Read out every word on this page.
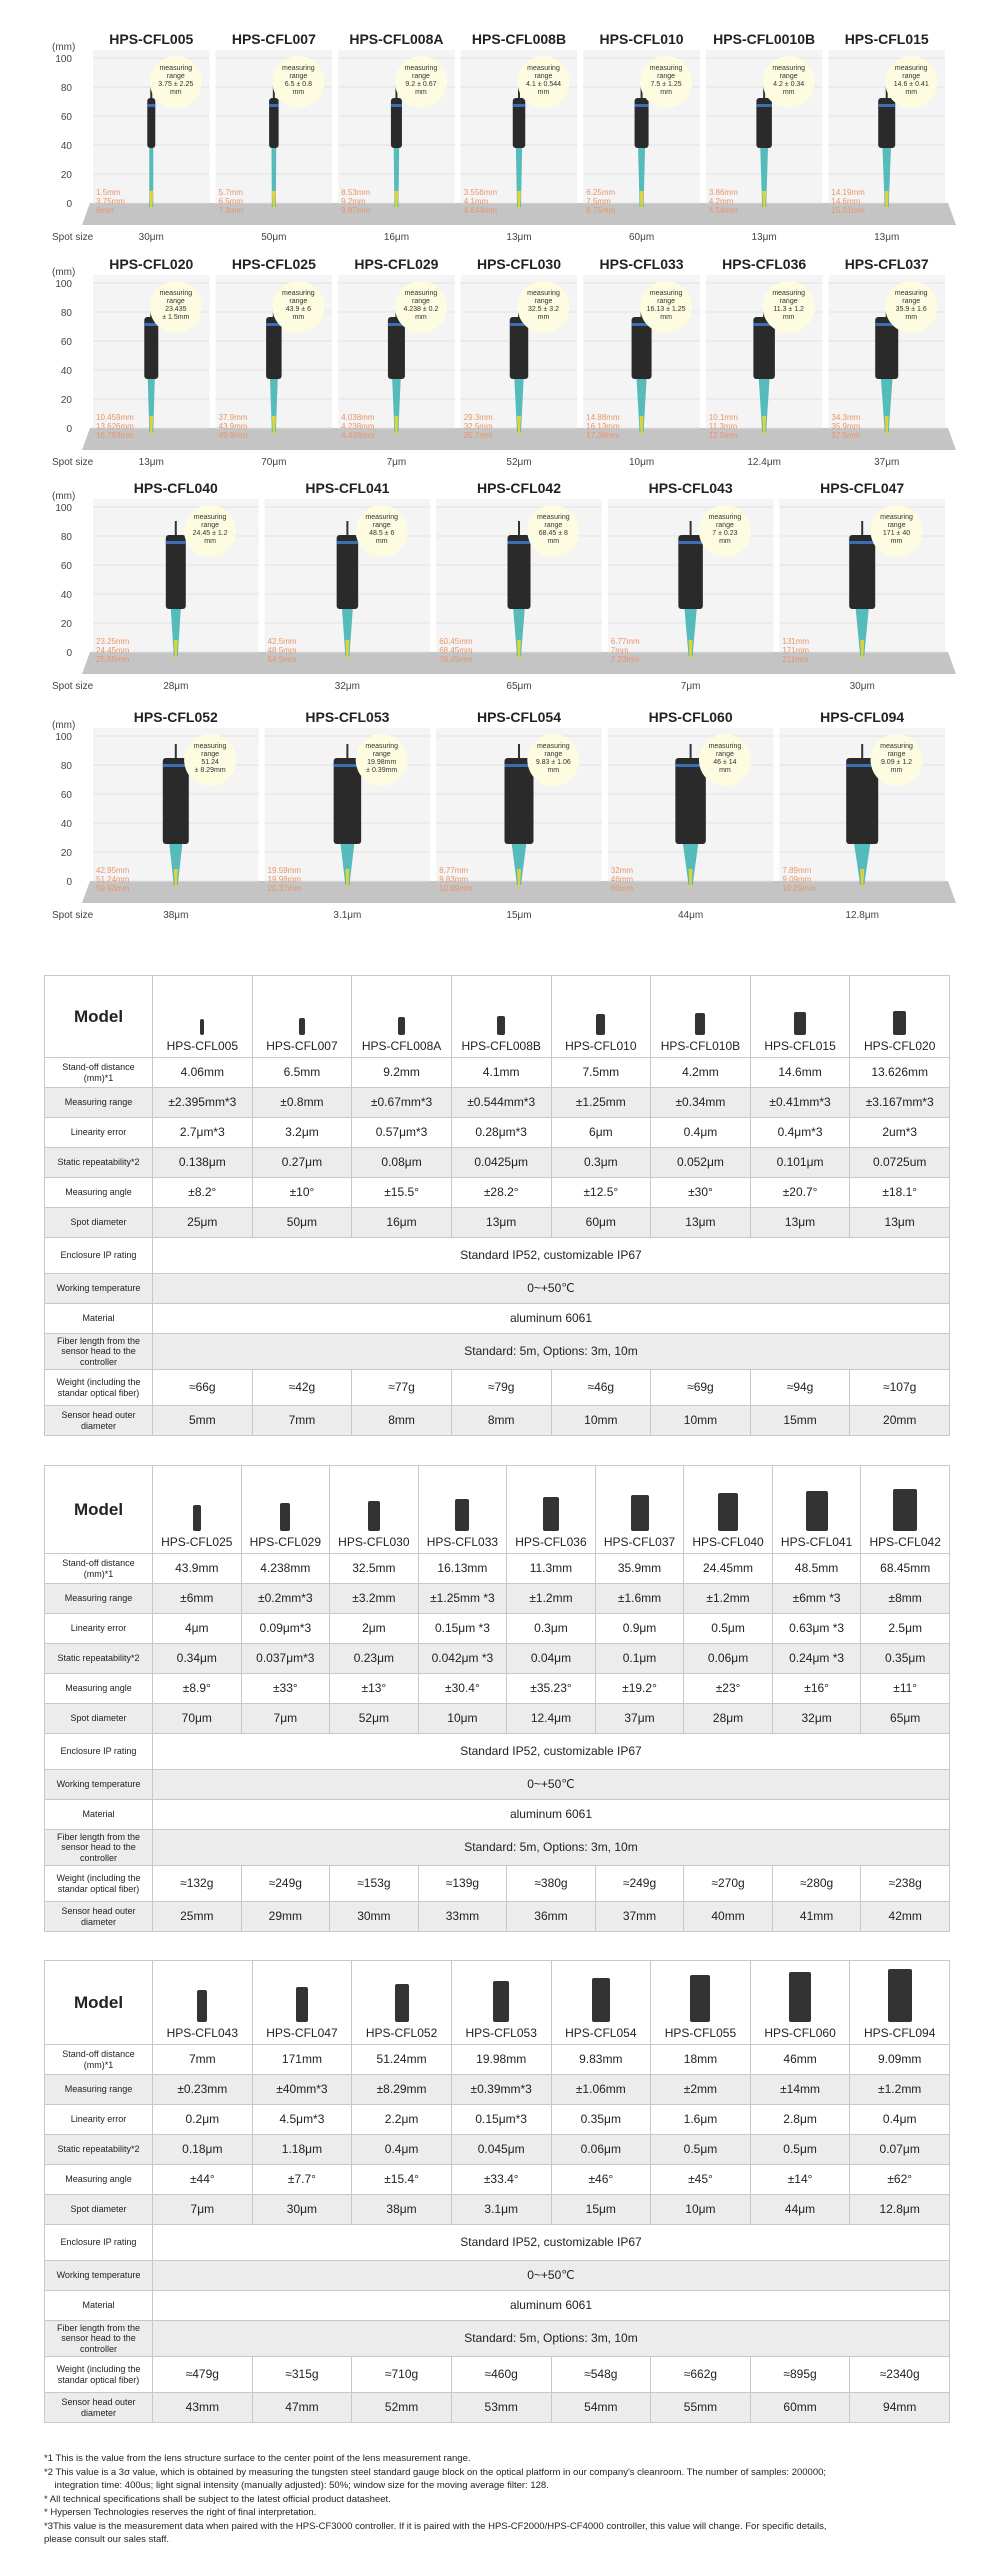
(mm)
100
80
60
40
20
0
Spot size
HPS-CFL005
measuring
range
3.75 ± 2.25
mm
1.5mm
3.75mm
6mm
30μm
HPS-CFL007
measuring
range
6.5 ± 0.8
mm
5.7mm
6.5mm
7.3mm
50μm
HPS-CFL008A
measuring
range
9.2 ± 0.67
mm
8.53mm
9.2mm
9.87mm
16μm
HPS-CFL008B
measuring
range
4.1 ± 0.544
mm
3.556mm
4.1mm
4.644mm
13μm
HPS-CFL010
measuring
range
7.5 ± 1.25
mm
6.25mm
7.5mm
8.75mm
60μm
HPS-CFL0010B
measuring
range
4.2 ± 0.34
mm
3.86mm
4.2mm
4.54mm
13μm
HPS-CFL015
measuring
range
14.6 ± 0.41
mm
14.19mm
14.6mm
15.01mm
13μm
(mm)
100
80
60
40
20
0
Spot size
HPS-CFL020
measuring
range
23.435
± 1.5mm
10.459mm
13.626mm
16.793mm
13μm
HPS-CFL025
measuring
range
43.9 ± 6
mm
37.9mm
43.9mm
49.9mm
70μm
HPS-CFL029
measuring
range
4.238 ± 0.2
mm
4.038mm
4.238mm
4.438mm
7μm
HPS-CFL030
measuring
range
32.5 ± 3.2
mm
29.3mm
32.5mm
35.7mm
52μm
HPS-CFL033
measuring
range
16.13 ± 1.25
mm
14.88mm
16.13mm
17.38mm
10μm
HPS-CFL036
measuring
range
11.3 ± 1.2
mm
10.1mm
11.3mm
12.5mm
12.4μm
HPS-CFL037
measuring
range
35.9 ± 1.6
mm
34.3mm
35.9mm
37.5mm
37μm
(mm)
100
80
60
40
20
0
Spot size
HPS-CFL040
measuring
range
24.45 ± 1.2
mm
23.25mm
24.45mm
25.65mm
28μm
HPS-CFL041
measuring
range
48.5 ± 6
mm
42.5mm
48.5mm
54.5mm
32μm
HPS-CFL042
measuring
range
68.45 ± 8
mm
60.45mm
68.45mm
76.45mm
65μm
HPS-CFL043
measuring
range
7 ± 0.23
mm
6.77mm
7mm
7.23mm
7μm
HPS-CFL047
measuring
range
171 ± 40
mm
131mm
171mm
211mm
30μm
(mm)
100
80
60
40
20
0
Spot size
HPS-CFL052
measuring
range
51.24
± 8.29mm
42.95mm
51.24mm
59.53mm
38μm
HPS-CFL053
measuring
range
19.98mm
± 0.39mm
19.59mm
19.98mm
20.37mm
3.1μm
HPS-CFL054
measuring
range
9.83 ± 1.06
mm
8.77mm
9.83mm
10.89mm
15μm
HPS-CFL060
measuring
range
46 ± 14
mm
32mm
46mm
60mm
44μm
HPS-CFL094
measuring
range
9.09 ± 1.2
mm
7.89mm
9.09mm
10.29mm
12.8μm
Model	HPS-CFL005	HPS-CFL007	HPS-CFL008A	HPS-CFL008B	HPS-CFL010	HPS-CFL010B	HPS-CFL015	HPS-CFL020
Stand-off distance (mm)*1	4.06mm	6.5mm	9.2mm	4.1mm	7.5mm	4.2mm	14.6mm	13.626mm
Measuring range	±2.395mm*3	±0.8mm	±0.67mm*3	±0.544mm*3	±1.25mm	±0.34mm	±0.41mm*3	±3.167mm*3
Linearity error	2.7μm*3	3.2μm	0.57μm*3	0.28μm*3	6μm	0.4μm	0.4μm*3	2um*3
Static repeatability*2	0.138μm	0.27μm	0.08μm	0.0425μm	0.3μm	0.052μm	0.101μm	0.0725um
Measuring angle	±8.2°	±10°	±15.5°	±28.2°	±12.5°	±30°	±20.7°	±18.1°
Spot diameter	25μm	50μm	16μm	13μm	60μm	13μm	13μm	13μm
Enclosure IP rating	Standard IP52, customizable IP67							
Working temperature	0~+50℃							
Material	aluminum 6061							
Fiber length from the sensor head to the controller	Standard: 5m, Options: 3m, 10m							
Weight (including the standar optical fiber)	≈66g	≈42g	≈77g	≈79g	≈46g	≈69g	≈94g	≈107g
Sensor head outer diameter	5mm	7mm	8mm	8mm	10mm	10mm	15mm	20mm
Model	HPS-CFL025	HPS-CFL029	HPS-CFL030	HPS-CFL033	HPS-CFL036	HPS-CFL037	HPS-CFL040	HPS-CFL041	HPS-CFL042
Stand-off distance (mm)*1	43.9mm	4.238mm	32.5mm	16.13mm	11.3mm	35.9mm	24.45mm	48.5mm	68.45mm
Measuring range	±6mm	±0.2mm*3	±3.2mm	±1.25mm *3	±1.2mm	±1.6mm	±1.2mm	±6mm *3	±8mm
Linearity error	4μm	0.09μm*3	2μm	0.15μm *3	0.3μm	0.9μm	0.5μm	0.63μm *3	2.5μm
Static repeatability*2	0.34μm	0.037μm*3	0.23μm	0.042μm *3	0.04μm	0.1μm	0.06μm	0.24μm *3	0.35μm
Measuring angle	±8.9°	±33°	±13°	±30.4°	±35.23°	±19.2°	±23°	±16°	±11°
Spot diameter	70μm	7μm	52μm	10μm	12.4μm	37μm	28μm	32μm	65μm
Enclosure IP rating	Standard IP52, customizable IP67								
Working temperature	0~+50℃								
Material	aluminum 6061								
Fiber length from the sensor head to the controller	Standard: 5m, Options: 3m, 10m								
Weight (including the standar optical fiber)	≈132g	≈249g	≈153g	≈139g	≈380g	≈249g	≈270g	≈280g	≈238g
Sensor head outer diameter	25mm	29mm	30mm	33mm	36mm	37mm	40mm	41mm	42mm
Model	HPS-CFL043	HPS-CFL047	HPS-CFL052	HPS-CFL053	HPS-CFL054	HPS-CFL055	HPS-CFL060	HPS-CFL094
Stand-off distance (mm)*1	7mm	171mm	51.24mm	19.98mm	9.83mm	18mm	46mm	9.09mm
Measuring range	±0.23mm	±40mm*3	±8.29mm	±0.39mm*3	±1.06mm	±2mm	±14mm	±1.2mm
Linearity error	0.2μm	4.5μm*3	2.2μm	0.15μm*3	0.35μm	1.6μm	2.8μm	0.4μm
Static repeatability*2	0.18μm	1.18μm	0.4μm	0.045μm	0.06μm	0.5μm	0.5μm	0.07μm
Measuring angle	±44°	±7.7°	±15.4°	±33.4°	±46°	±45°	±14°	±62°
Spot diameter	7μm	30μm	38μm	3.1μm	15μm	10μm	44μm	12.8μm
Enclosure IP rating	Standard IP52, customizable IP67							
Working temperature	0~+50℃							
Material	aluminum 6061							
Fiber length from the sensor head to the controller	Standard: 5m, Options: 3m, 10m							
Weight (including the standar optical fiber)	≈479g	≈315g	≈710g	≈460g	≈548g	≈662g	≈895g	≈2340g
Sensor head outer diameter	43mm	47mm	52mm	53mm	54mm	55mm	60mm	94mm
*1 This is the value from the lens structure surface to the center point of the lens measurement range.
*2 This value is a 3σ value, which is obtained by measuring the tungsten steel standard gauge block on the optical platform in our company's cleanroom. The number of samples: 200000;
integration time: 400us; light signal intensity (manually adjusted): 50%; window size for the moving average filter: 128.
* All technical specifications shall be subject to the latest official product datasheet.
* Hypersen Technologies reserves the right of final interpretation.
*3This value is the measurement data when paired with the HPS-CF3000 controller. If it is paired with the HPS-CF2000/HPS-CF4000 controller, this value will change. For specific details,
please consult our sales staff.
